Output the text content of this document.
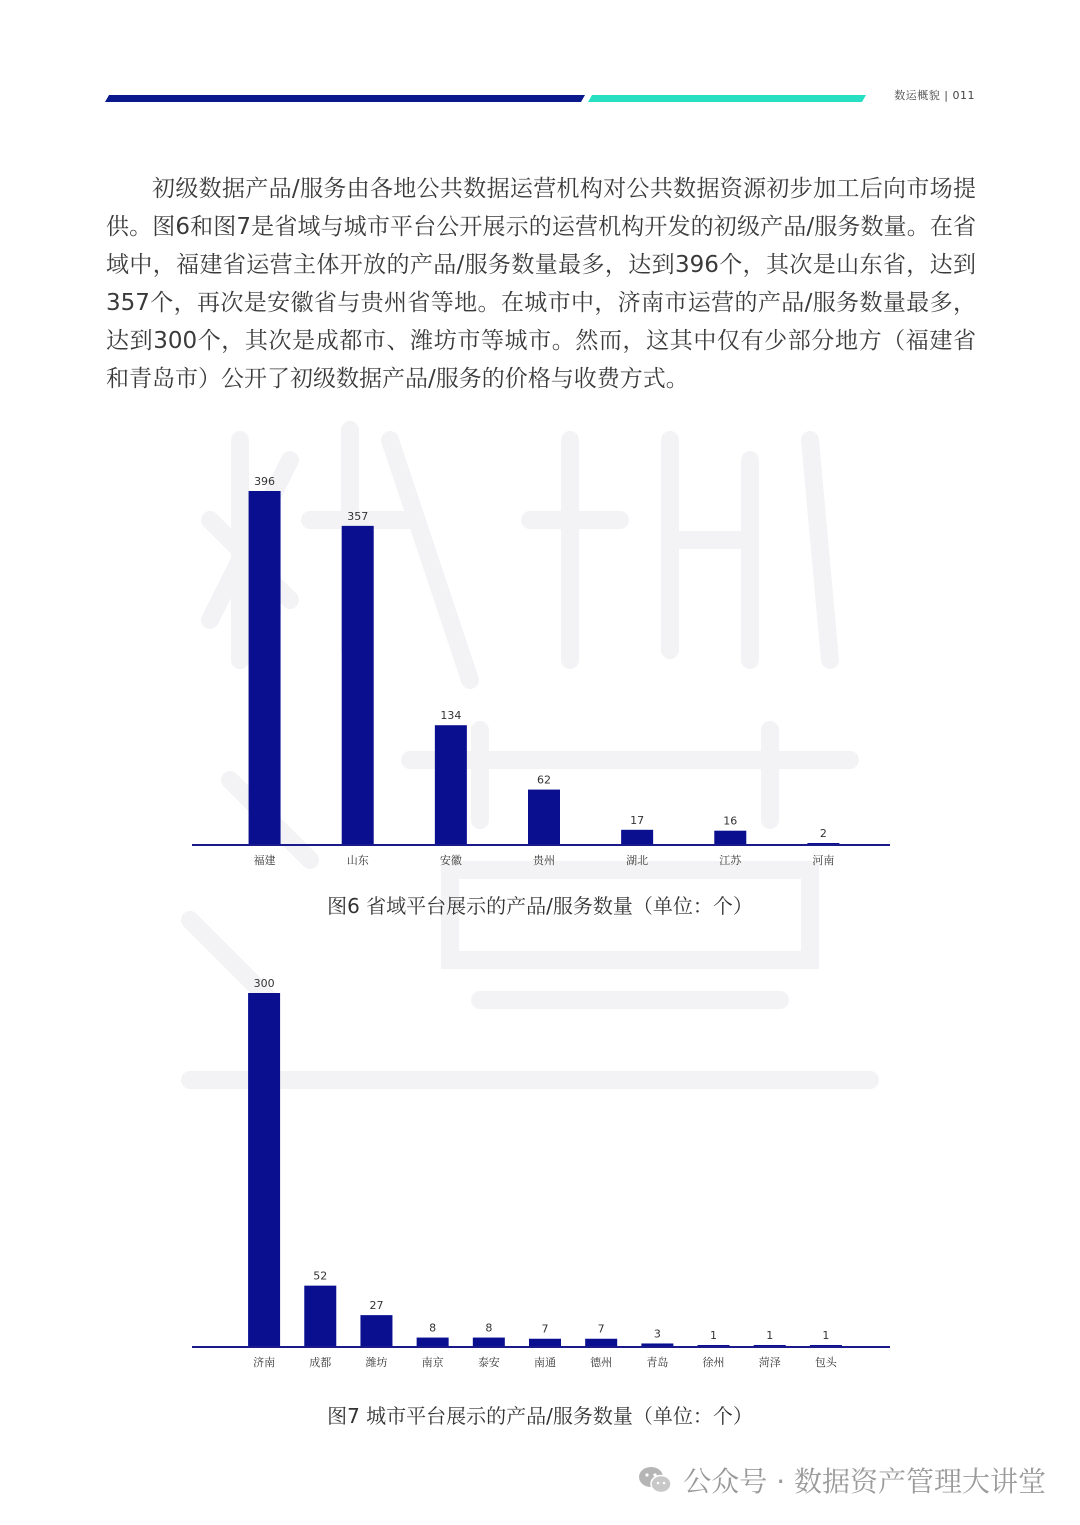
数运概貌 | 011

初级数据产品/服务由各地公共数据运营机构对公共数据资源初步加工后向市场提供。图6和图7是省域与城市平台公开展示的运营机构开发的初级产品/服务数量。在省域中，福建省运营主体开放的产品/服务数量最多，达到396个，其次是山东省，达到357个，再次是安徽省与贵州省等地。在城市中，济南市运营的产品/服务数量最多，达到300个，其次是成都市、潍坊市等城市。然而，这其中仅有少部分地方（福建省和青岛市）公开了初级数据产品/服务的价格与收费方式。

396
福建
357
山东
134
安徽
62
贵州
17
湖北
16
江苏
2
河南
图6 省域平台展示的产品/服务数量（单位：个）
300
济南
52
成都
27
潍坊
8
南京
8
泰安
7
南通
7
德州
3
青岛
1
徐州
1
菏泽
1
包头
图7 城市平台展示的产品/服务数量（单位：个）
公众号 · 数据资产管理大讲堂
